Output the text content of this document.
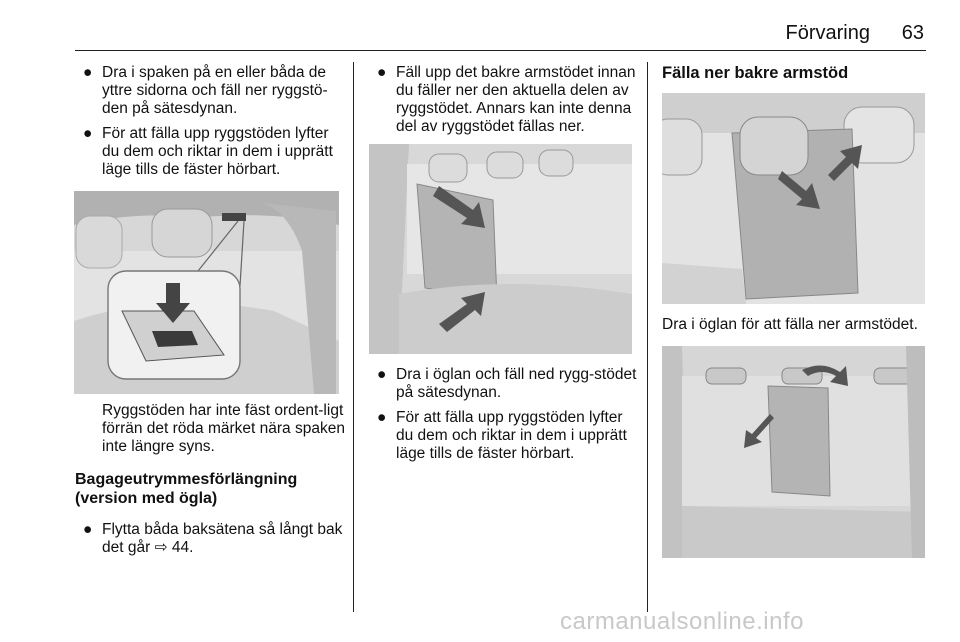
Förvaring	63
● Dra i spaken på en eller båda de yttre sidorna och fäll ner ryggstö-den på sätesdynan.

● För att fälla upp ryggstöden lyfter du dem och riktar in dem i upprätt läge tills de fäster hörbart.

Ryggstöden har inte fäst ordent-ligt förrän det röda märket nära spaken inte längre syns.

Bagageutrymmesförlängning (version med ögla)

● Flytta båda baksätena så långt bak det går ⇨ 44.

● Fäll upp det bakre armstödet innan du fäller ner den aktuella delen av ryggstödet. Annars kan inte denna del av ryggstödet fällas ner.

● Dra i öglan och fäll ned rygg-stödet på sätesdynan.

● För att fälla upp ryggstöden lyfter du dem och riktar in dem i upprätt läge tills de fäster hörbart.

Fälla ner bakre armstöd

Dra i öglan för att fälla ner armstödet.

carmanualsonline.info
